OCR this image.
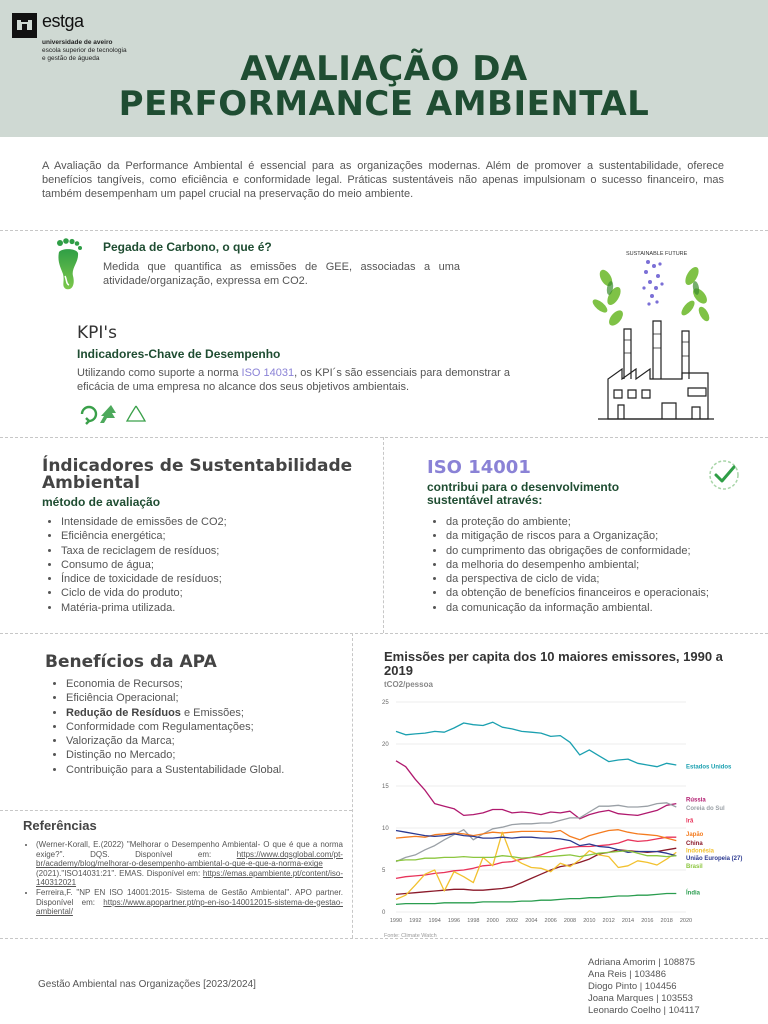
estga
universidade de aveiro
escola superior de tecnologia
e gestão de águeda	AVALIAÇÃO DA
PERFORMANCE AMBIENTAL
A Avaliação da Performance Ambiental é essencial para as organizações modernas. Além de promover a sustentabilidade, oferece benefícios tangíveis, como eficiência e conformidade legal. Práticas sustentáveis não apenas impulsionam o sucesso financeiro, mas também desempenham um papel crucial na preservação do meio ambiente.
Pegada de Carbono, o que é?
Medida que quantifica as emissões de GEE, associadas a uma atividade/organização, expressa em CO2.
KPI's
Indicadores-Chave de Desempenho
Utilizando como suporte a norma ISO 14031, os KPI´s são essenciais para demonstrar a eficácia de uma empresa no alcance dos seus objetivos ambientais.
SUSTAINABLE FUTURE
Índicadores de Sustentabilidade Ambiental
método de avaliação
• Intensidade de emissões de CO2;
• Eficiência energética;
• Taxa de reciclagem de resíduos;
• Consumo de água;
• Índice de toxicidade de resíduos;
• Ciclo de vida do produto;
• Matéria-prima utilizada.
ISO 14001
contribui para o desenvolvimento sustentável através:
• da proteção do ambiente;
• da mitigação de riscos para a Organização;
• do cumprimento das obrigações de conformidade;
• da melhoria do desempenho ambiental;
• da perspectiva de ciclo de vida;
• da obtenção de benefícios financeiros e operacionais;
• da comunicação da informação ambiental.
Benefícios da APA
• Economia de Recursos;
• Eficiência Operacional;
• Redução de Resíduos e Emissões;
• Conformidade com Regulamentações;
• Valorização da Marca;
• Distinção no Mercado;
• Contribuição para a Sustentabilidade Global.
Referências
• (Werner-Korall, E.(2022) "Melhorar o Desempenho Ambiental- O que é que a norma exige?". DQS. Disponível em:	https://www.dqsglobal.com/pt-br/academy/blog/melhorar-o-desempenho-ambiental-o-que-e-que-a-norma-exige
(2021)."ISO14031:21". EMAS. Disponível em: https://emas.apambiente.pt/content/iso-140312021
• Ferreira,F. "NP EN ISO 14001:2015- Sistema de Gestão Ambiental". APO partner. Disponível em: https://www.apopartner.pt/np-en-iso-140012015-sistema-de-gestao-ambiental/
Emissões per capita dos 10 maiores emissores, 1990 a 2019
tCO2/pessoa
0
5
10
15
20
25
1990 1992 1994 1996 1998 2000 2002 2004 2006 2008 2010 2012 2014 2016 2018 2020
Estados Unidos
Rússia
Coreia do Sul
Irã
Japão
China
Indonésia
União Europeia (27)
Brasil
Índia
Fonte: Climate Watch
Gestão Ambiental nas Organizações [2023/2024]
Adriana Amorim | 108875
Ana Reis | 103486
Diogo Pinto | 104456
Joana Marques | 103553
Leonardo Coelho | 104117
